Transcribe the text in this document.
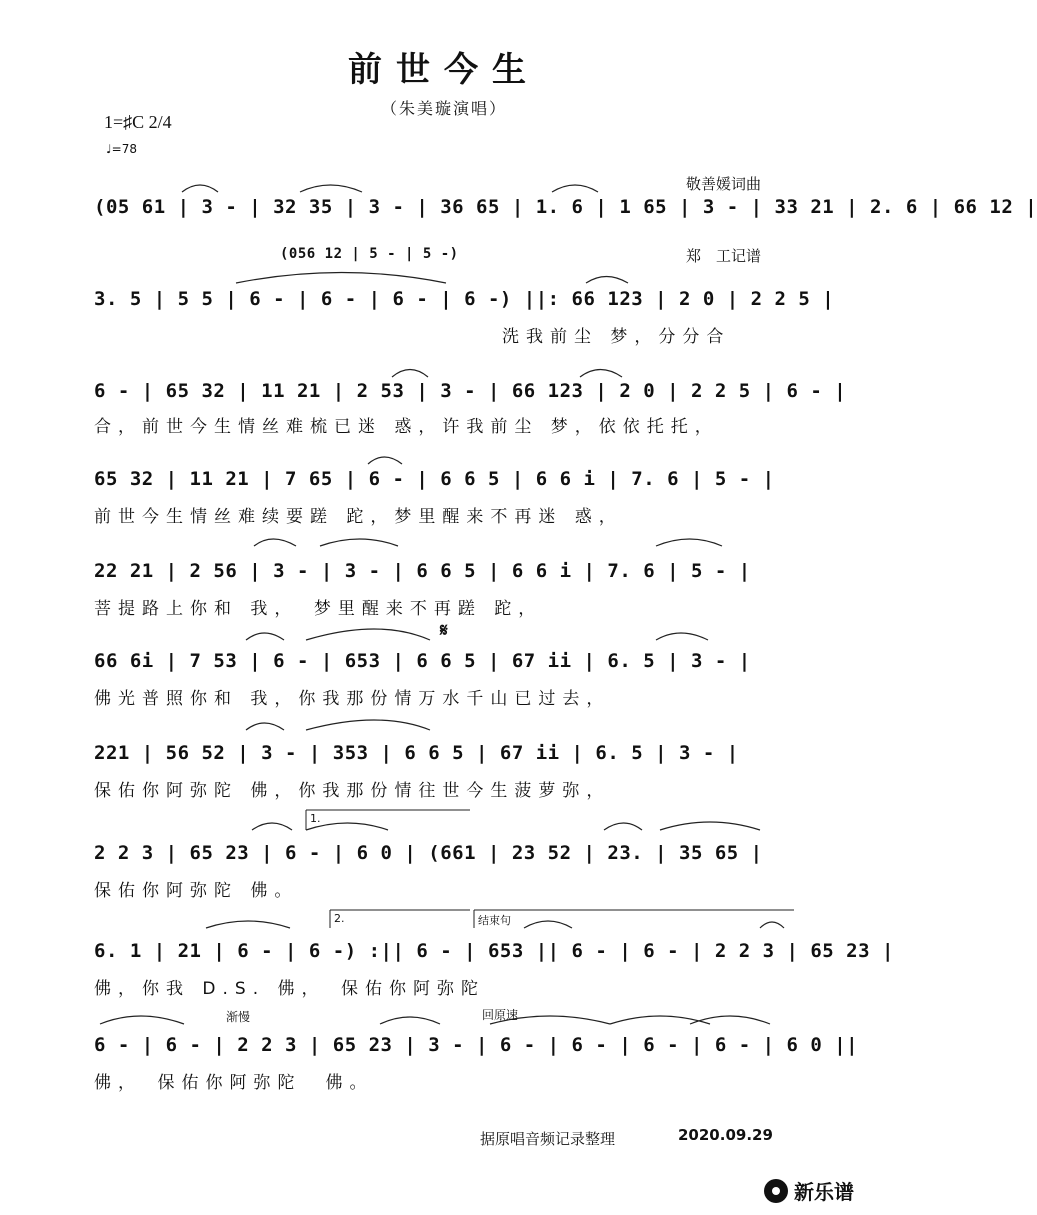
前世今生
（朱美璇演唱）
1=♯C 2/4
♩=78

敬善媛词曲

郑　工记谱

(05 61 | 3 - | 32 35 | 3 - | 36 65 | 1. 6 | 1 65 | 3 - | 33 21 | 2. 6 | 66 12 |
(056 12 | 5 - | 5 -)
3. 5 | 5 5 | 6 - | 6 - | 6 - | 6 -) ||: 66 123 | 2 0 | 2 2 5 |
洗我前尘 梦，分分合
6 - | 65 32 | 11 21 | 2 53 | 3 - | 66 123 | 2 0 | 2 2 5 | 6 - |
合，前世今生情丝难梳已迷 惑，许我前尘 梦，依依托托，
65 32 | 11 21 | 7 65 | 6 - | 6 6 5 | 6 6 i | 7. 6 | 5 - |
前世今生情丝难续要蹉 跎，梦里醒来不再迷 惑，
22 21 | 2 56 | 3 - | 3 - | 6 6 5 | 6 6 i | 7. 6 | 5 - |
菩提路上你和 我，　梦里醒来不再蹉 跎，
𝄋
66 6i | 7 53 | 6 - | 653 | 6 6 5 | 67 ii | 6. 5 | 3 - |
佛光普照你和 我，你我那份情万水千山已过去，
221 | 56 52 | 3 - | 353 | 6 6 5 | 67 ii | 6. 5 | 3 - |
保佑你阿弥陀 佛，你我那份情往世今生菠萝弥，
1.
2 2 3 | 65 23 | 6 - | 6 0 | (661 | 23 52 | 23. | 35 65 |
保佑你阿弥陀 佛。
2.	结束句
6. 1 | 21 | 6 - | 6 -) :|| 6 - | 653 || 6 - | 6 - | 2 2 3 | 65 23 |
佛，你我 D.S. 佛，　保佑你阿弥陀
渐慢	回原速
6 - | 6 - | 2 2 3 | 65 23 | 3 - | 6 - | 6 - | 6 - | 6 - | 6 0 ||
佛，　保佑你阿弥陀　佛。
据原唱音频记录整理	2020.09.29
新乐谱
